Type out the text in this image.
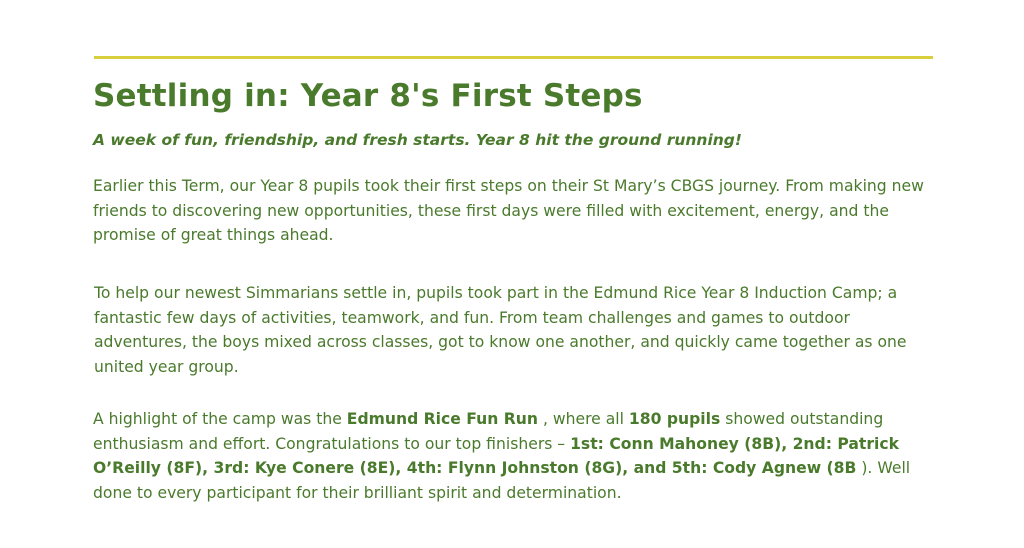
Settling in: Year 8's First Steps

A week of fun, friendship, and fresh starts. Year 8 hit the ground running!

Earlier this Term, our Year 8 pupils took their first steps on their St Mary’s CBGS journey. From making new friends to discovering new opportunities, these first days were filled with excitement, energy, and the promise of great things ahead.

To help our newest Simmarians settle in, pupils took part in the Edmund Rice Year 8 Induction Camp; a fantastic few days of activities, teamwork, and fun. From team challenges and games to outdoor adventures, the boys mixed across classes, got to know one another, and quickly came together as one united year group.

A highlight of the camp was the Edmund Rice Fun Run , where all 180 pupils showed outstanding enthusiasm and effort. Congratulations to our top finishers – 1st: Conn Mahoney (8B), 2nd: Patrick O’Reilly (8F), 3rd: Kye Conere (8E), 4th: Flynn Johnston (8G), and 5th: Cody Agnew (8B ). Well done to every participant for their brilliant spirit and determination.
